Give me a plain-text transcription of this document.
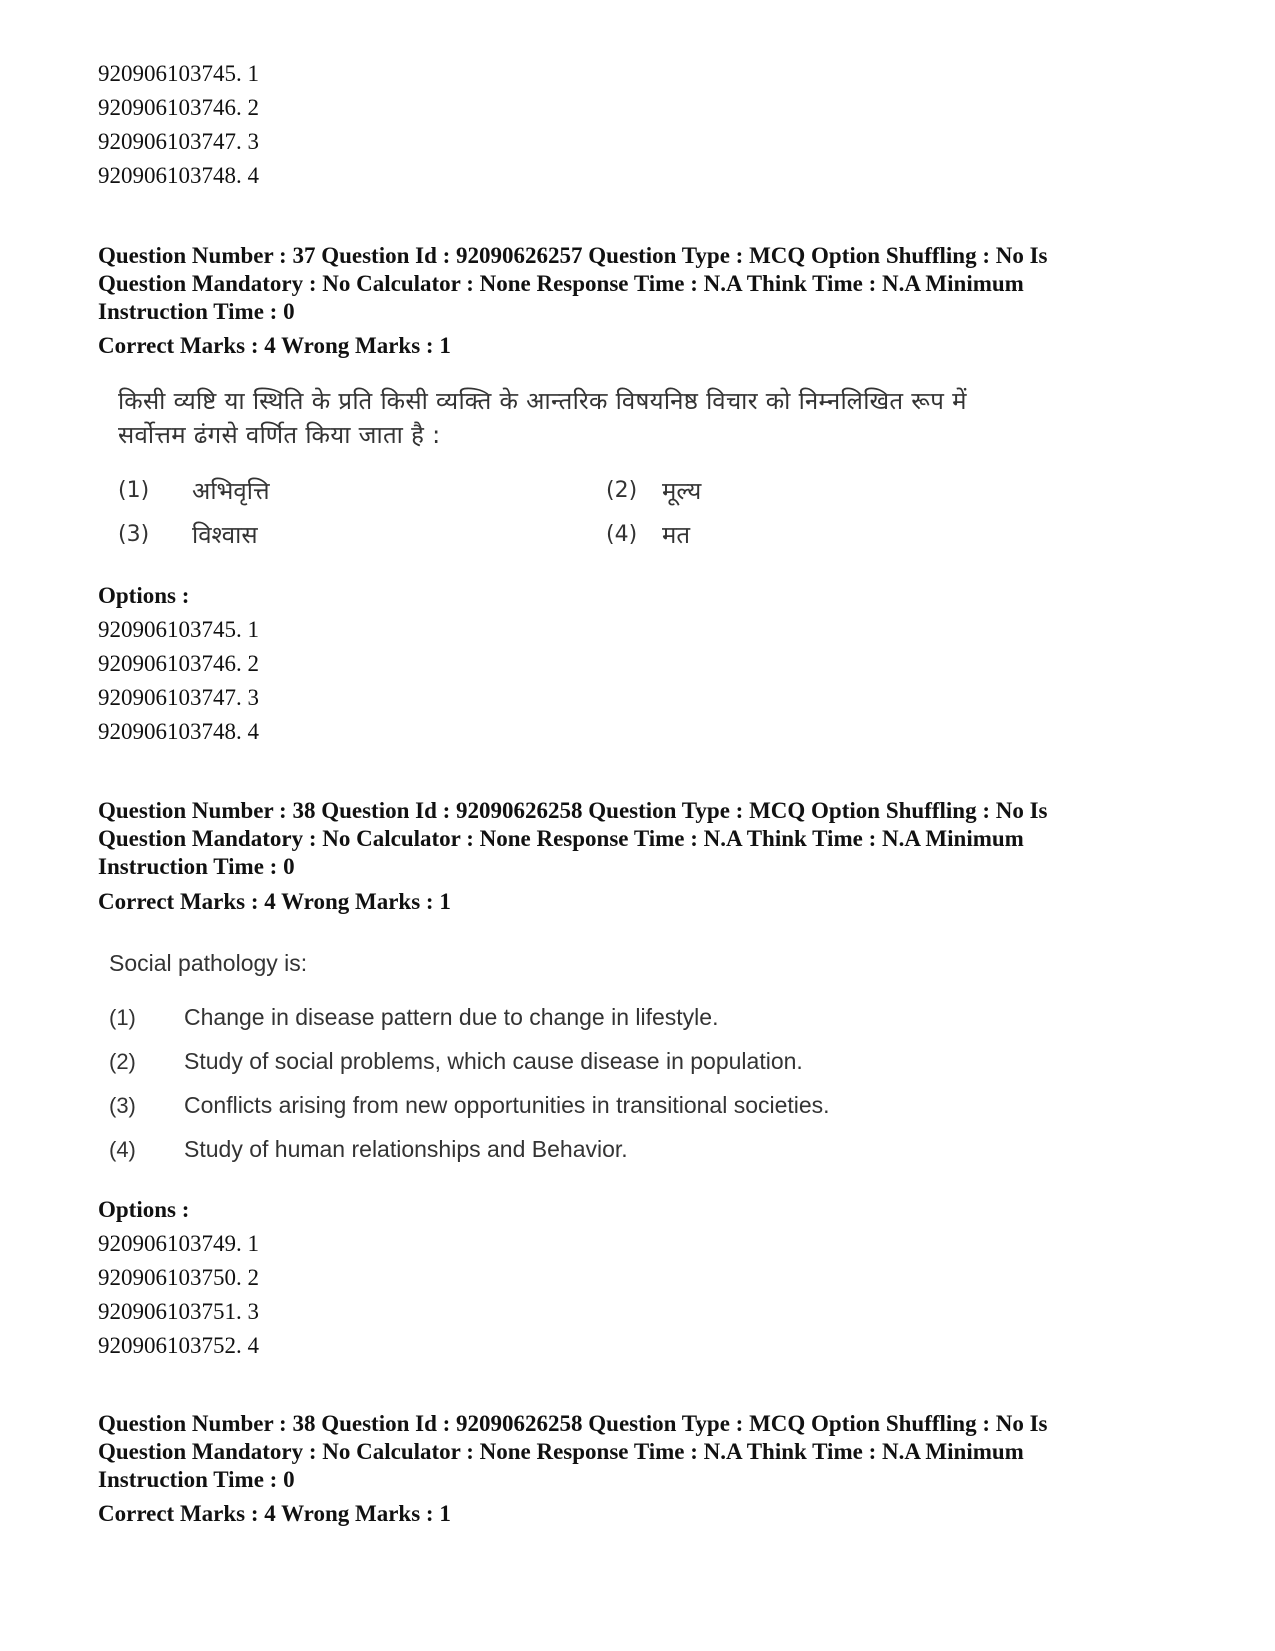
920906103745. 1
920906103746. 2
920906103747. 3
920906103748. 4
Question Number : 37 Question Id : 92090626257 Question Type : MCQ Option Shuffling : No Is
Question Mandatory : No Calculator : None Response Time : N.A Think Time : N.A Minimum
Instruction Time : 0
Correct Marks : 4 Wrong Marks : 1
किसी व्यष्टि या स्थिति के प्रति किसी व्यक्ति के आन्तरिक विषयनिष्ठ विचार को निम्नलिखित रूप में
सर्वोत्तम ढंगसे वर्णित किया जाता है :
(1) अभिवृत्ति	(2) मूल्य
(3) विश्वास	(4) मत
Options :
920906103745. 1
920906103746. 2
920906103747. 3
920906103748. 4
Question Number : 38 Question Id : 92090626258 Question Type : MCQ Option Shuffling : No Is
Question Mandatory : No Calculator : None Response Time : N.A Think Time : N.A Minimum
Instruction Time : 0
Correct Marks : 4 Wrong Marks : 1
Social pathology is:
(1) Change in disease pattern due to change in lifestyle.
(2) Study of social problems, which cause disease in population.
(3) Conflicts arising from new opportunities in transitional societies.
(4) Study of human relationships and Behavior.
Options :
920906103749. 1
920906103750. 2
920906103751. 3
920906103752. 4
Question Number : 38 Question Id : 92090626258 Question Type : MCQ Option Shuffling : No Is
Question Mandatory : No Calculator : None Response Time : N.A Think Time : N.A Minimum
Instruction Time : 0
Correct Marks : 4 Wrong Marks : 1
